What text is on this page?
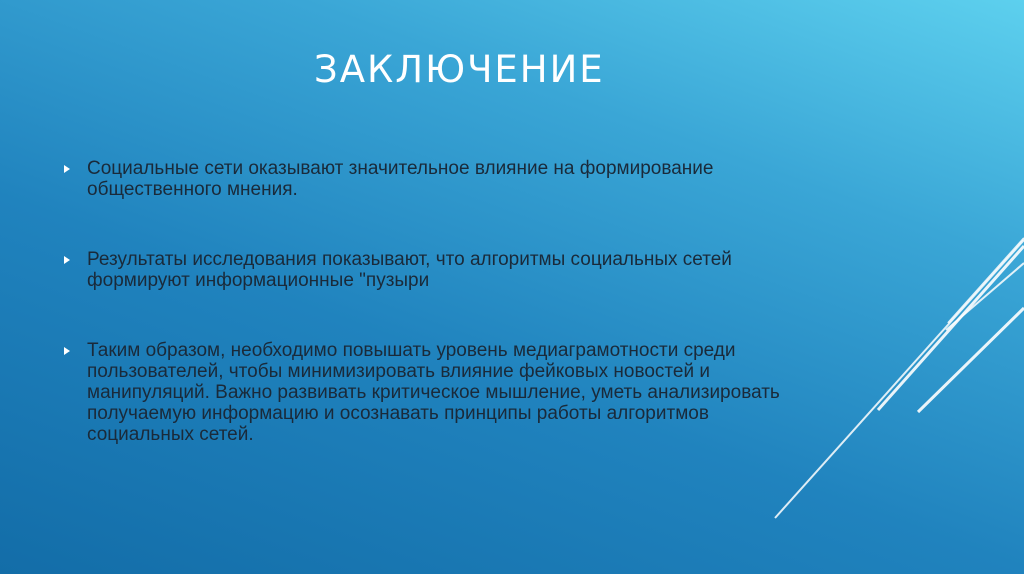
ЗАКЛЮЧЕНИЕ
Социальные сети оказывают значительное влияние на формирование общественного мнения.
Результаты исследования показывают, что алгоритмы социальных сетей формируют информационные "пузыри
Таким образом, необходимо повышать уровень медиаграмотности среди пользователей, чтобы минимизировать влияние фейковых новостей и манипуляций. Важно развивать критическое мышление, уметь анализировать получаемую информацию и осознавать принципы работы алгоритмов социальных сетей.
